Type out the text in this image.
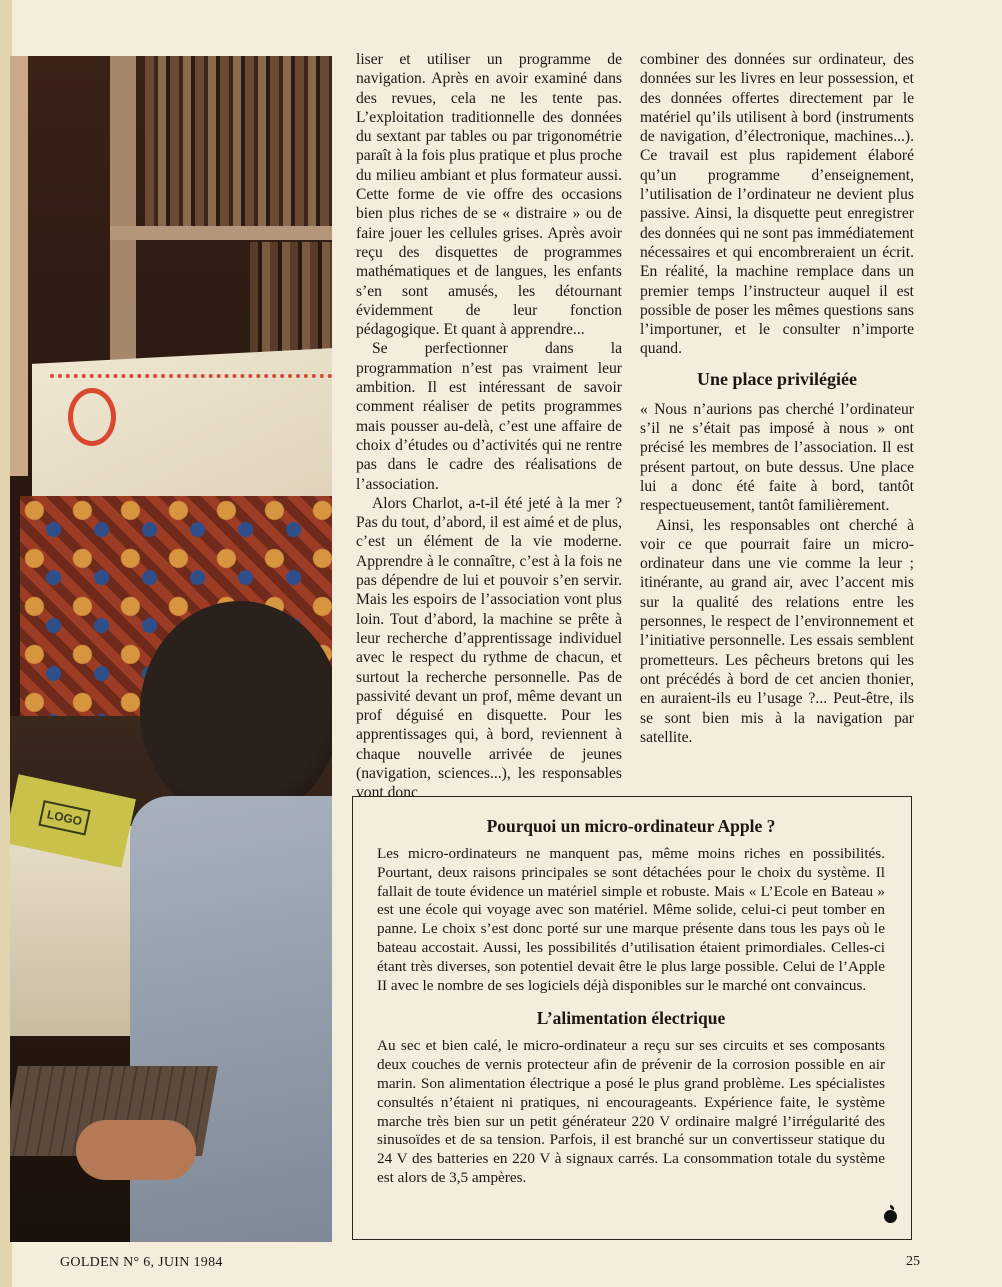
LOGO

liser et utiliser un programme de navigation. Après en avoir examiné dans des revues, cela ne les tente pas. L’exploitation traditionnelle des données du sextant par tables ou par trigonométrie paraît à la fois plus pratique et plus proche du milieu ambiant et plus formateur aussi. Cette forme de vie offre des occasions bien plus riches de se « distraire » ou de faire jouer les cellules grises. Après avoir reçu des disquettes de programmes mathématiques et de langues, les enfants s’en sont amusés, les détournant évidemment de leur fonction pédagogique. Et quant à apprendre...

Se perfectionner dans la programmation n’est pas vraiment leur ambition. Il est intéressant de savoir comment réaliser de petits programmes mais pousser au-delà, c’est une affaire de choix d’études ou d’activités qui ne rentre pas dans le cadre des réalisations de l’association.

Alors Charlot, a-t-il été jeté à la mer ? Pas du tout, d’abord, il est aimé et de plus, c’est un élément de la vie moderne. Apprendre à le connaître, c’est à la fois ne pas dépendre de lui et pouvoir s’en servir. Mais les espoirs de l’association vont plus loin. Tout d’abord, la machine se prête à leur recherche d’apprentissage individuel avec le respect du rythme de chacun, et surtout la recherche personnelle. Pas de passivité devant un prof, même devant un prof déguisé en disquette. Pour les apprentissages qui, à bord, reviennent à chaque nouvelle arrivée de jeunes (navigation, sciences...), les responsables vont donc

combiner des données sur ordinateur, des données sur les livres en leur possession, et des données offertes directement par le matériel qu’ils utilisent à bord (instruments de navigation, d’électronique, machines...). Ce travail est plus rapidement élaboré qu’un programme d’enseignement, l’utilisation de l’ordinateur ne devient plus passive. Ainsi, la disquette peut enregistrer des données qui ne sont pas immédiatement nécessaires et qui encombreraient un écrit. En réalité, la machine remplace dans un premier temps l’instructeur auquel il est possible de poser les mêmes questions sans l’importuner, et le consulter n’importe quand.

Une place privilégiée

« Nous n’aurions pas cherché l’ordinateur s’il ne s’était pas imposé à nous » ont précisé les membres de l’association. Il est présent partout, on bute dessus. Une place lui a donc été faite à bord, tantôt respectueusement, tantôt familièrement.

Ainsi, les responsables ont cherché à voir ce que pourrait faire un micro-ordinateur dans une vie comme la leur ; itinérante, au grand air, avec l’accent mis sur la qualité des relations entre les personnes, le respect de l’environnement et l’initiative personnelle. Les essais semblent prometteurs. Les pêcheurs bretons qui les ont précédés à bord de cet ancien thonier, en auraient-ils eu l’usage ?... Peut-être, ils se sont bien mis à la navigation par satellite.

Pourquoi un micro-ordinateur Apple ?

Les micro-ordinateurs ne manquent pas, même moins riches en possibilités. Pourtant, deux raisons principales se sont détachées pour le choix du système. Il fallait de toute évidence un matériel simple et robuste. Mais « L’Ecole en Bateau » est une école qui voyage avec son matériel. Même solide, celui-ci peut tomber en panne. Le choix s’est donc porté sur une marque présente dans tous les pays où le bateau accostait. Aussi, les possibilités d’utilisation étaient primordiales. Celles-ci étant très diverses, son potentiel devait être le plus large possible. Celui de l’Apple II avec le nombre de ses logiciels déjà disponibles sur le marché ont convaincus.

L’alimentation électrique

Au sec et bien calé, le micro-ordinateur a reçu sur ses circuits et ses composants deux couches de vernis protecteur afin de prévenir de la corrosion possible en air marin. Son alimentation électrique a posé le plus grand problème. Les spécialistes consultés n’étaient ni pratiques, ni encourageants. Expérience faite, le système marche très bien sur un petit générateur 220 V ordinaire malgré l’irrégularité des sinusoïdes et de sa tension. Parfois, il est branché sur un convertisseur statique du 24 V des batteries en 220 V à signaux carrés. La consommation totale du système est alors de 3,5 ampères.

GOLDEN N° 6, JUIN 1984	25
